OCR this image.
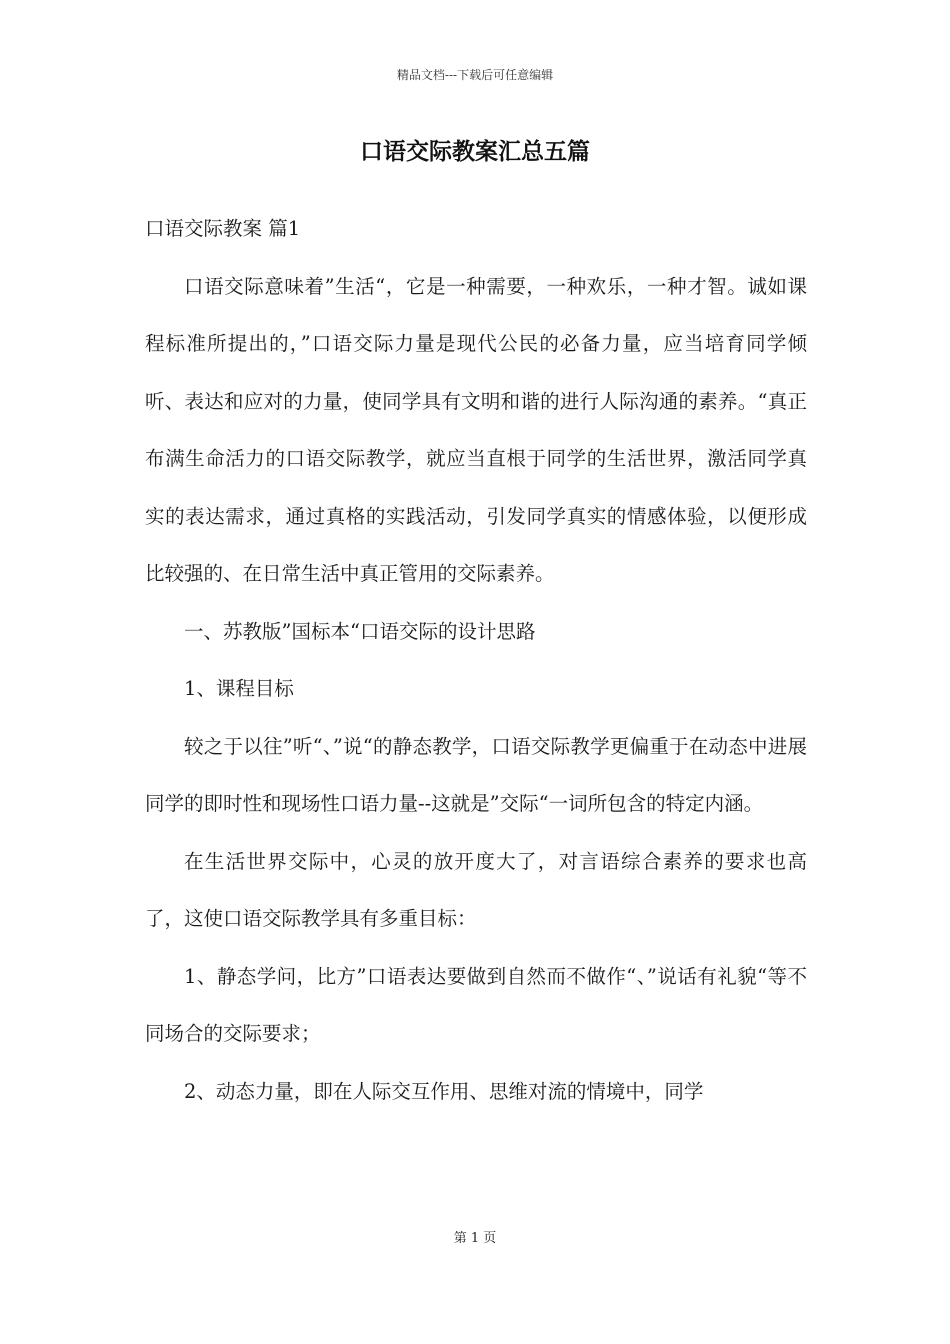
精品文档---下载后可任意编辑
口语交际教案汇总五篇

口语交际教案 篇1

口语交际意味着”生活“，它是一种需要，一种欢乐，一种才智。诚如课程标准所提出的，”口语交际力量是现代公民的必备力量，应当培育同学倾听、表达和应对的力量，使同学具有文明和谐的进行人际沟通的素养。“真正布满生命活力的口语交际教学，就应当直根于同学的生活世界，激活同学真实的表达需求，通过真格的实践活动，引发同学真实的情感体验，以便形成比较强的、在日常生活中真正管用的交际素养。

一、苏教版”国标本“口语交际的设计思路

1、课程目标

较之于以往”听“、”说“的静态教学，口语交际教学更偏重于在动态中进展同学的即时性和现场性口语力量--这就是”交际“一词所包含的特定内涵。

在生活世界交际中，心灵的放开度大了，对言语综合素养的要求也高了，这使口语交际教学具有多重目标：

1、静态学问，比方”口语表达要做到自然而不做作“、”说话有礼貌“等不同场合的交际要求；

2、动态力量，即在人际交互作用、思维对流的情境中，同学

第 1 页
